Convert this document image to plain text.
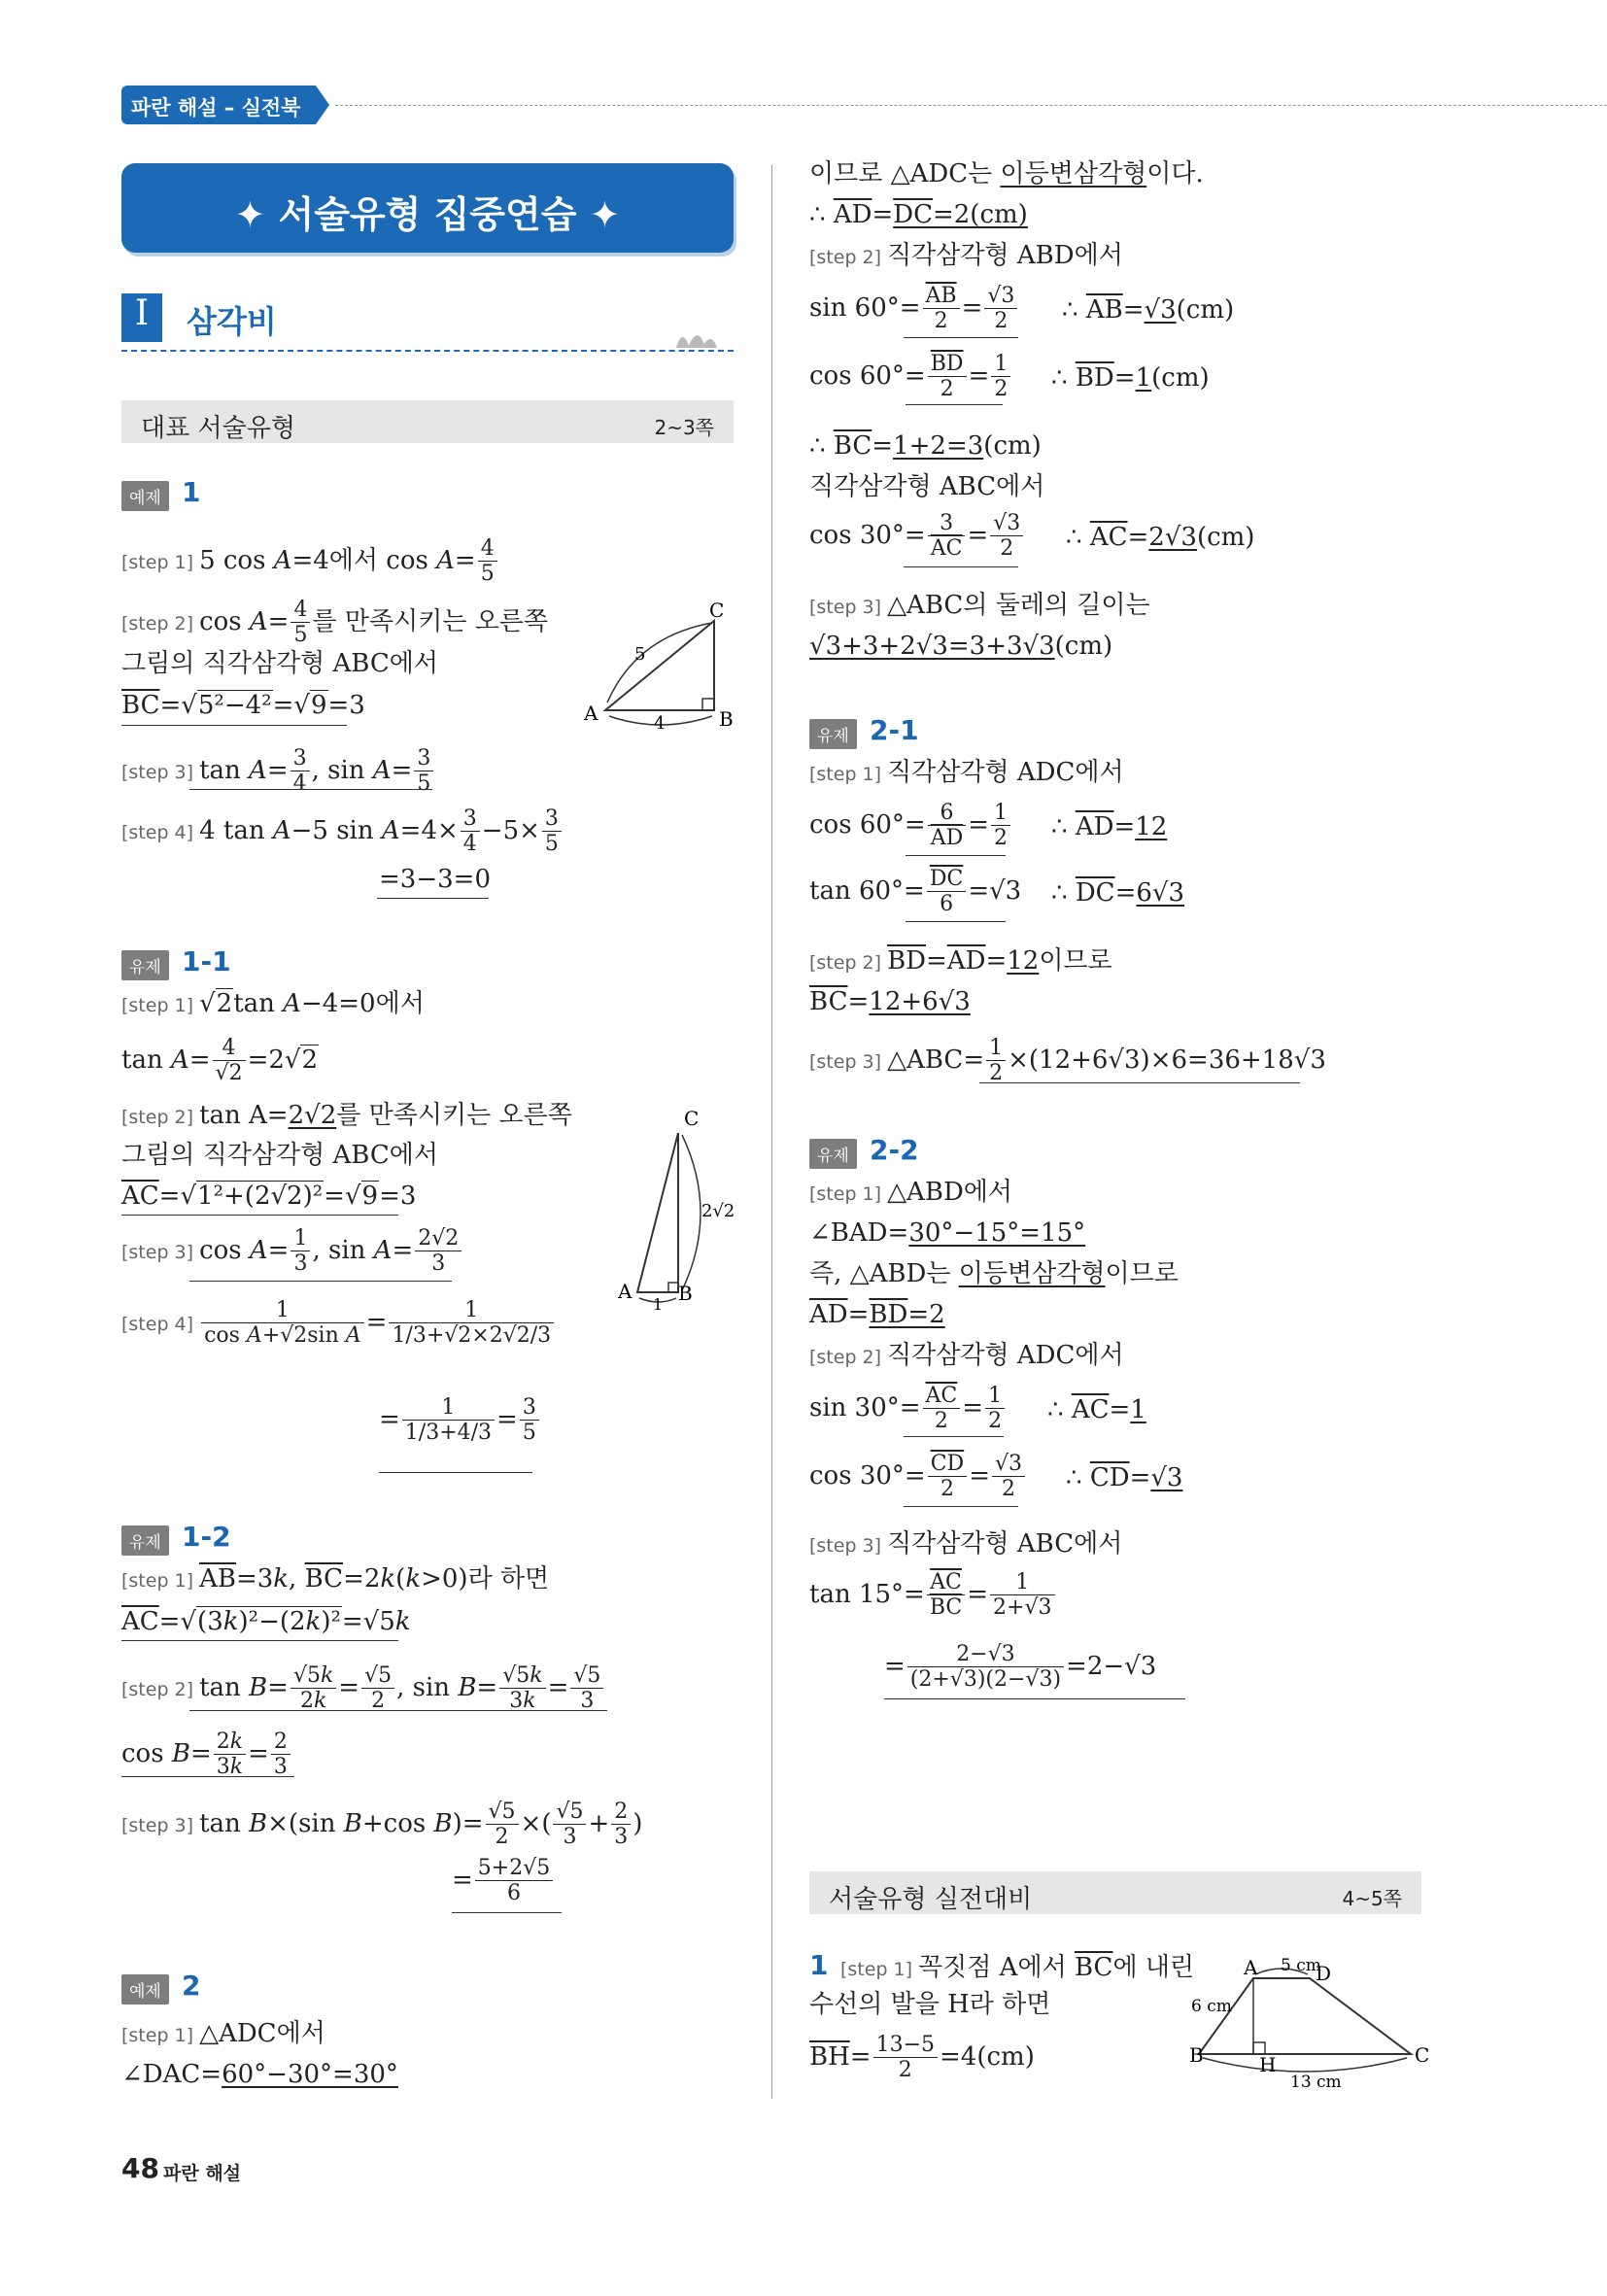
파란 해설 – 실전북
✦ 서술유형 집중연습 ✦
I	삼각비
대표 서술유형	2~3쪽
예제 1
[step 1] 5 cos A=4에서 $\cos A= \frac{4}{5}$
[step 2] $\cos A= \frac{4}{5}$ 를 만족시키는 오른쪽
그림의 직각삼각형 ABC에서
$\overline{BC}=√5^2-4^2=√9=3$	A	B
C
5
4
[step 3] $\tan A= \frac{3}{4}$ , $\sin A= \frac{3}{5}$
[step 4] 4 tan A−5 $\sin A=4\times \frac{3}{4} -5\times \frac{3}{5}$
=3−3=0
유제 1-1
[step 1] √2tan A−4=0에서
$\tan A= \frac{4}{√2} =2√2$
[step 2] tan A=2√2를 만족시키는 오른쪽
그림의 직각삼각형 ABC에서
$\overline{AC}=√1^2+(2√2)^2=√9=3$
A B
C
2√2
1
[step 3] $\cos A= \frac{1}{3}$ , $\sin A= \frac{2√2}{3}$
[step $4] \frac{1}{\text{cos A+√2sin A}} = \frac{1}{1/3+√2\times 2√2/3}$
= $\frac{1}{1/3+4/3} = \frac{3}{5}$
유제 1-2
[step 1] $\overline{AB}=3k$, $\overline{BC}=2k(k>0)$라 하면
$\overline{AC}=√(3k)^2-(2k)^2=√5k$
[step 2] $\tan B= \frac{√5k}{2k} = \frac{√5}{2}$ , $\sin B= \frac{√5k}{3k} = \frac{√5}{3}$
$\cos B= \frac{2k}{3k} = \frac{2}{3}$
[step 3] tan B×(sin B+cos $B)= \frac{√5}{2}$ ×( $\frac{√5}{3} + \frac{2}{3}$ )
= $\frac{5+2√5}{6}$
예제 2
[step 1] △ADC에서
∠DAC=60°−30°=30°
이므로 △ADC는 이등변삼각형이다.
∴ $\overline{AD}=DC=2(cm)$
[step 2] 직각삼각형 ABD에서
$\sin 60^\circ= \frac{\overline{AB}}{2} = \frac{√3}{2}$ ∴ $\overline{AB}=√3(cm)$
$\cos 60^\circ= \frac{\overline{BD}}{2} = \frac{1}{2}$ ∴ $\overline{BD}=1(cm)$
∴ $\overline{BC}=1+2=3(cm)$
직각삼각형 ABC에서
$\cos 30^\circ= \frac{3}{AC} = \frac{√3}{2}$ ∴ $\overline{AC}=2√3(cm)$
[step 3] △ABC의 둘레의 길이는
√3+3+2√3=3+3√3(cm)
유제 2-1
[step 1] 직각삼각형 ADC에서
$\cos 60^\circ= \frac{6}{AD} = \frac{1}{2}$ ∴ $\overline{AD}=12$
$\tan 60^\circ= \frac{\overline{DC}}{6} =√3$ ∴ $\overline{DC}=6√3$
[step 2] $\overline{BD}=\overline{AD}=12$이므로
$\overline{BC}=12+6√3$
[step 3] △ABC= $\frac{1}{2} \times(12+6√3)\times 6=36+18√3$
유제 2-2
[step 1] △ABD에서
∠BAD=30°−15°=15°
즉, △ABD는 이등변삼각형이므로
$\overline{AD}=BD=2$
[step 2] 직각삼각형 ADC에서
$\sin 30^\circ= \frac{\overline{AC}}{2} = \frac{1}{2}$ ∴ $\overline{AC}=1$
$\cos 30^\circ= \frac{\overline{CD}}{2} = \frac{√3}{2}$ ∴ $\overline{CD}=√3$
[step 3] 직각삼각형 ABC에서
$\tan 15^\circ= \frac{\overline{AC}}{BC} = \frac{1}{2+√3}$
= $\frac{2-√3}{(2+√3)(2-√3)} =2-√3$
서술유형 실전대비	4~5쪽
1 [step 1] 꼭짓점 A에서 $\overline{BC}$에 내린
수선의 발을 H라 하면
$\overline{BH}= \frac{13-5}{2} =4(cm)$
A
B	C
D
H
5 cm
6 cm
13 cm
48 파란 해설
